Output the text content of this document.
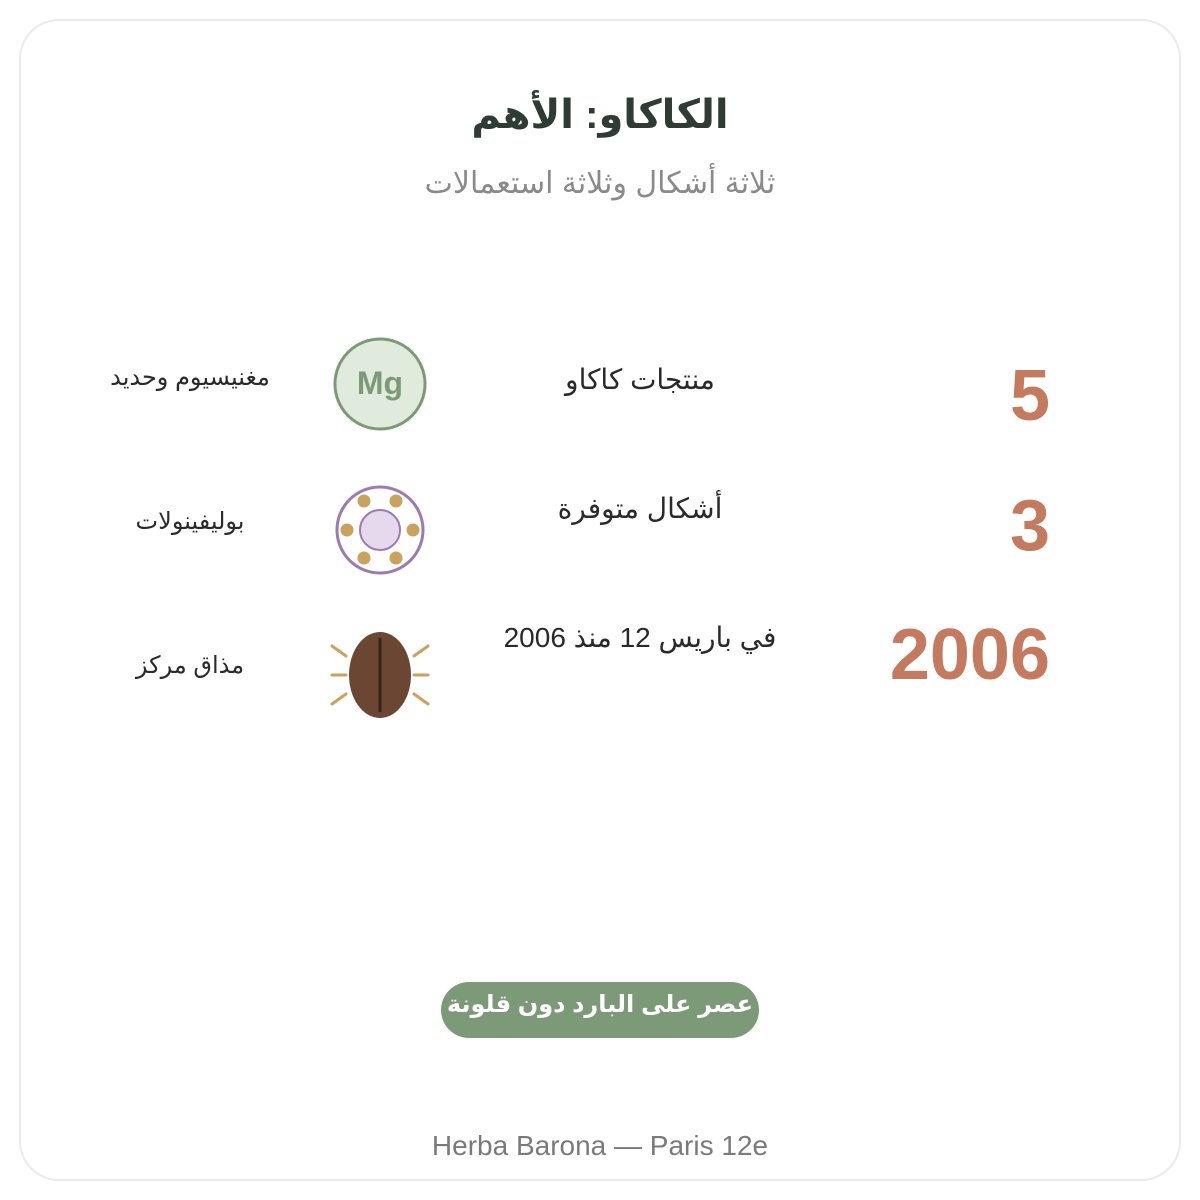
الكاكاو: الأهم
ثلاثة أشكال وثلاثة استعمالات
5
منتجات كاكاو
3
أشكال متوفرة
2006
في باريس 12 منذ 2006
Mg
مغنيسيوم وحديد
بوليفينولات
مذاق مركز
عصر على البارد دون قلونة
Herba Barona — Paris 12e
